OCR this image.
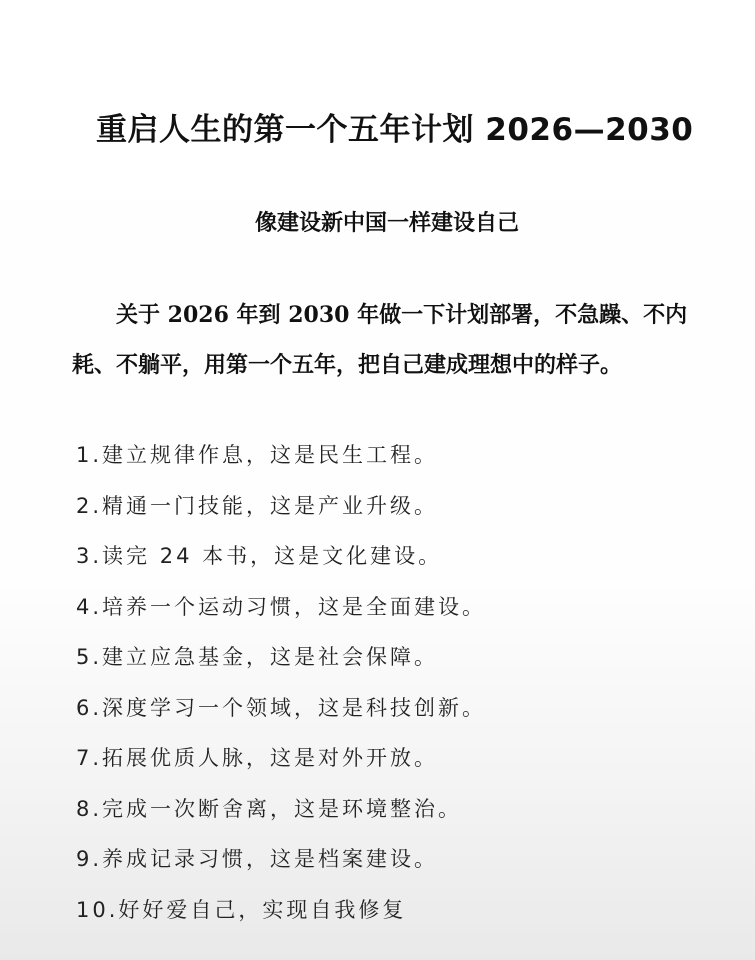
重启人生的第一个五年计划 2026—2030
像建设新中国一样建设自己
关于 2026 年到 2030 年做一下计划部署，不急躁、不内
耗、不躺平，用第一个五年，把自己建成理想中的样子。
1.建立规律作息，这是民生工程。
2.精通一门技能，这是产业升级。
3.读完 24 本书，这是文化建设。
4.培养一个运动习惯，这是全面建设。
5.建立应急基金，这是社会保障。
6.深度学习一个领域，这是科技创新。
7.拓展优质人脉，这是对外开放。
8.完成一次断舍离，这是环境整治。
9.养成记录习惯，这是档案建设。
10.好好爱自己，实现自我修复
